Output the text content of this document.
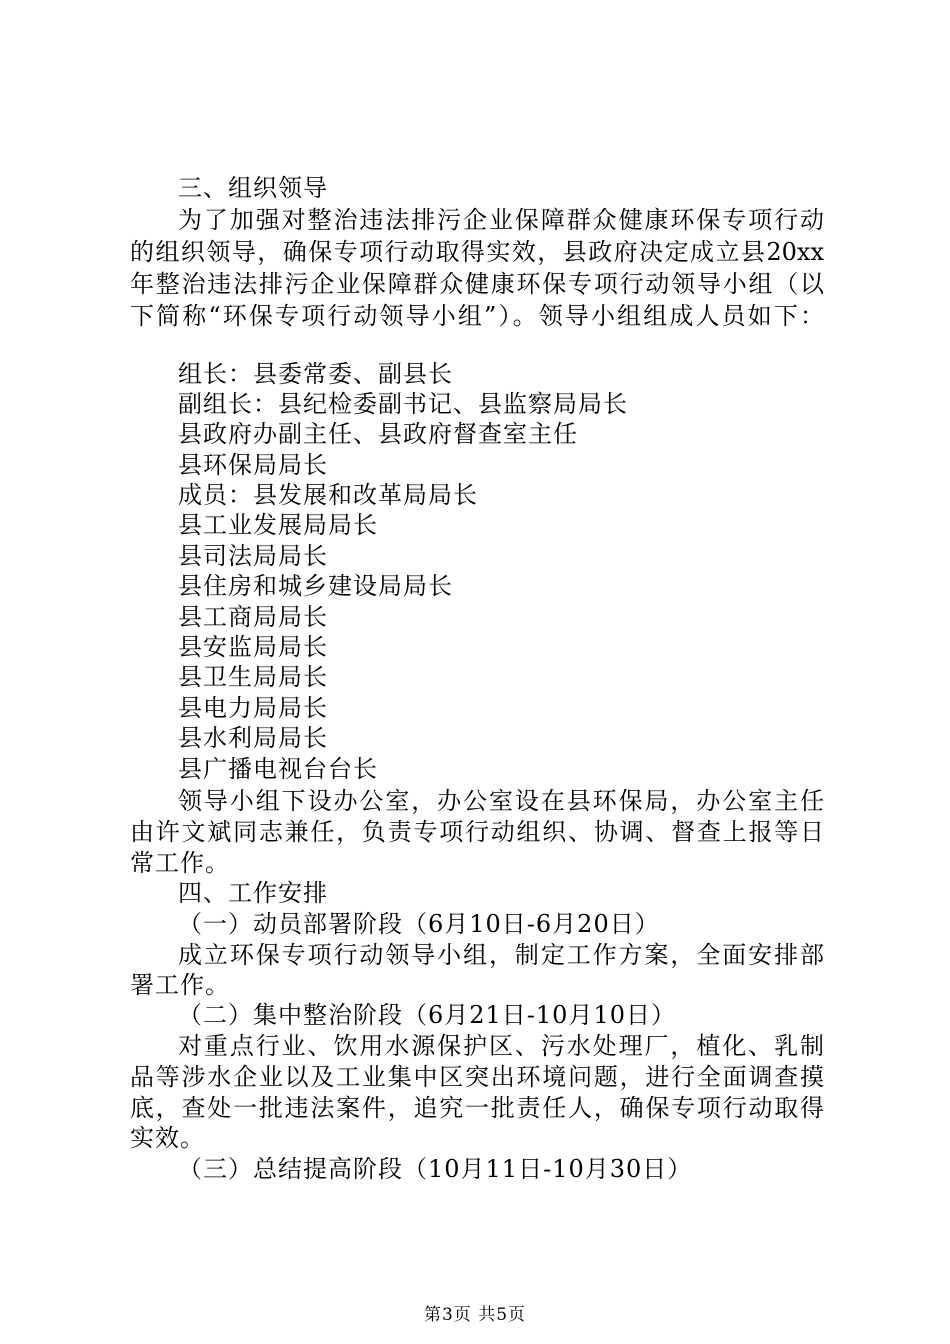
三、组织领导
为了加强对整治违法排污企业保障群众健康环保专项行动
的组织领导，确保专项行动取得实效，县政府决定成立县20xx
年整治违法排污企业保障群众健康环保专项行动领导小组（以
下简称“环保专项行动领导小组”）。领导小组组成人员如下：
组长：县委常委、副县长
副组长：县纪检委副书记、县监察局局长
县政府办副主任、县政府督查室主任
县环保局局长
成员：县发展和改革局局长
县工业发展局局长
县司法局局长
县住房和城乡建设局局长
县工商局局长
县安监局局长
县卫生局局长
县电力局局长
县水利局局长
县广播电视台台长
领导小组下设办公室，办公室设在县环保局，办公室主任
由许文斌同志兼任，负责专项行动组织、协调、督查上报等日
常工作。
四、工作安排
（一）动员部署阶段（6月10日-6月20日）
成立环保专项行动领导小组，制定工作方案，全面安排部
署工作。
（二）集中整治阶段（6月21日-10月10日）
对重点行业、饮用水源保护区、污水处理厂，植化、乳制
品等涉水企业以及工业集中区突出环境问题，进行全面调查摸
底，查处一批违法案件，追究一批责任人，确保专项行动取得
实效。
（三）总结提高阶段（10月11日-10月30日）
第3页 共5页
